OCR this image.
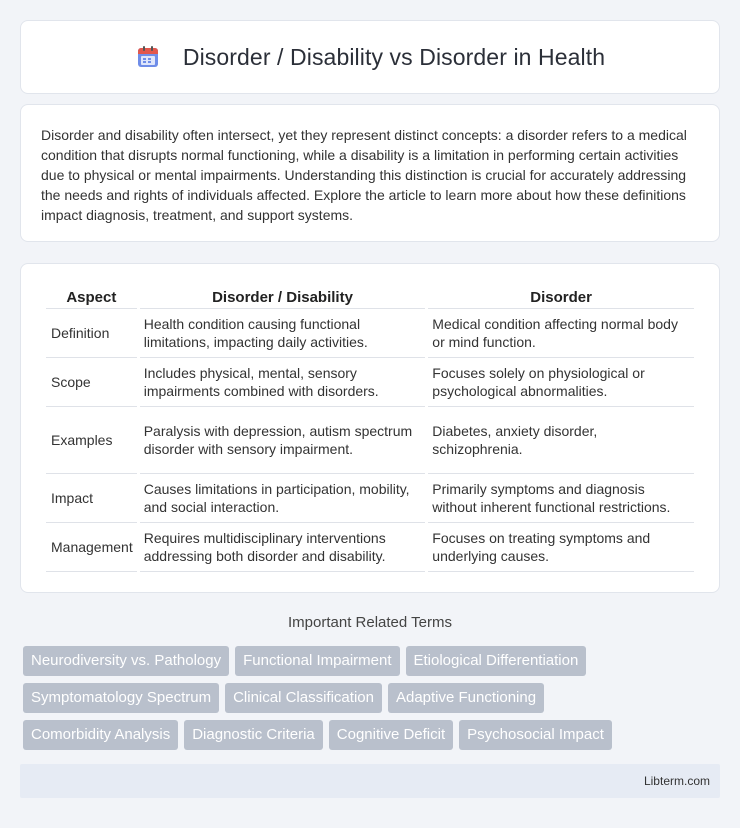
Disorder / Disability vs Disorder in Health

Disorder and disability often intersect, yet they represent distinct concepts: a disorder refers to a medical condition that disrupts normal functioning, while a disability is a limitation in performing certain activities due to physical or mental impairments. Understanding this distinction is crucial for accurately addressing the needs and rights of individuals affected. Explore the article to learn more about how these definitions impact diagnosis, treatment, and support systems.

Aspect	Disorder / Disability	Disorder
Definition	Health condition causing functional limitations, impacting daily activities.	Medical condition affecting normal body or mind function.
Scope	Includes physical, mental, sensory impairments combined with disorders.	Focuses solely on physiological or psychological abnormalities.
Examples	Paralysis with depression, autism spectrum disorder with sensory impairment.	Diabetes, anxiety disorder, schizophrenia.
Impact	Causes limitations in participation, mobility, and social interaction.	Primarily symptoms and diagnosis without inherent functional restrictions.
Management	Requires multidisciplinary interventions addressing both disorder and disability.	Focuses on treating symptoms and underlying causes.
Important Related Terms
Neurodiversity vs. Pathology	Functional Impairment	Etiological Differentiation
Symptomatology Spectrum	Clinical Classification	Adaptive Functioning
Comorbidity Analysis	Diagnostic Criteria	Cognitive Deficit	Psychosocial Impact
Libterm.com
